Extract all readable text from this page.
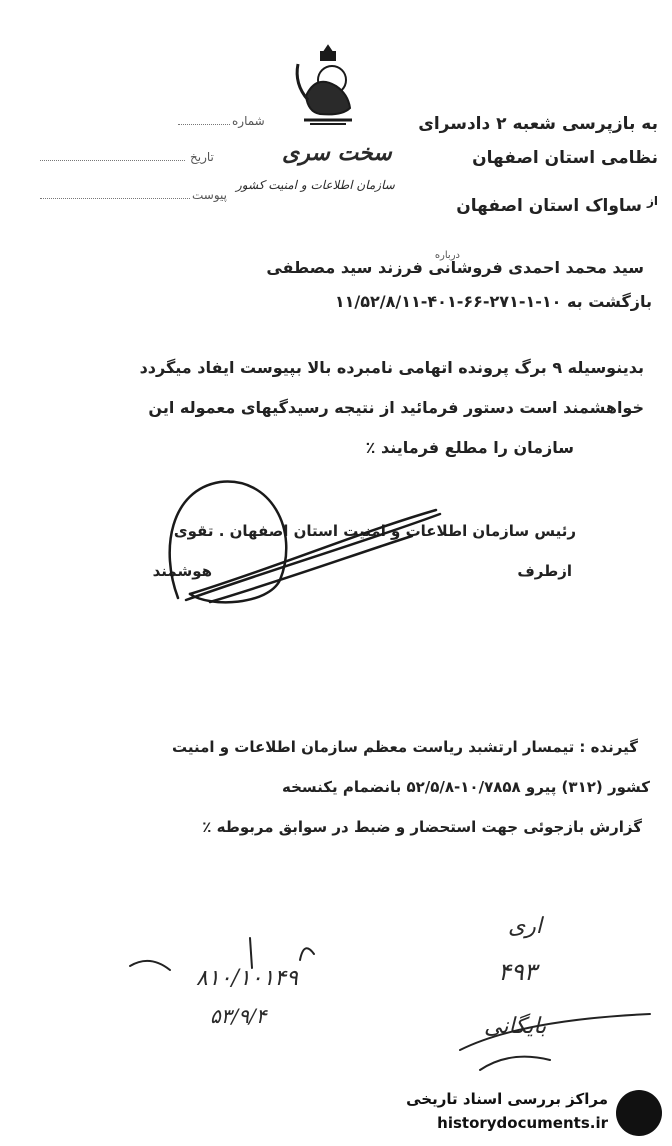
شماره
تاریخ
پیوست
به بازپرسی شعبه ۲ دادسرای
نظامی استان اصفهان
سخت سری
سازمان اطلاعات و امنیت کشور
از
ساواک استان اصفهان
درباره
سید محمد احمدی فروشانی فرزند سید مصطفی
بازگشت به ۱۰-۱-۲۷۱-۶۶-۴۰۱-۱۱/۵۲/۸/۱۱
بدینوسیله ۹ برگ پرونده اتهامی نامبرده بالا بپیوست ایفاد میگردد
خواهشمند است دستور فرمائید از نتیجه رسیدگیهای معموله این
سازمان را مطلع فرمایند ٪
رئیس سازمان اطلاعات و امنیت استان اصفهان . تقوی
ازطرف
هوشمند
گیرنده : تیمسار ارتشبد ریاست معظم سازمان اطلاعات و امنیت
کشور (۳۱۲) پیرو ۱۰/۷۸۵۸-۵۲/۵/۸ بانضمام یکنسخه
گزارش بازجوئی جهت استحضار و ضبط در سوابق مربوطه ٪
۸۱۰/۱۰۱۴۹
۵۳/۹/۴
اری
۴۹۳
بایگانی
مراکز بررسی اسناد تاریخی
historydocuments.ir
